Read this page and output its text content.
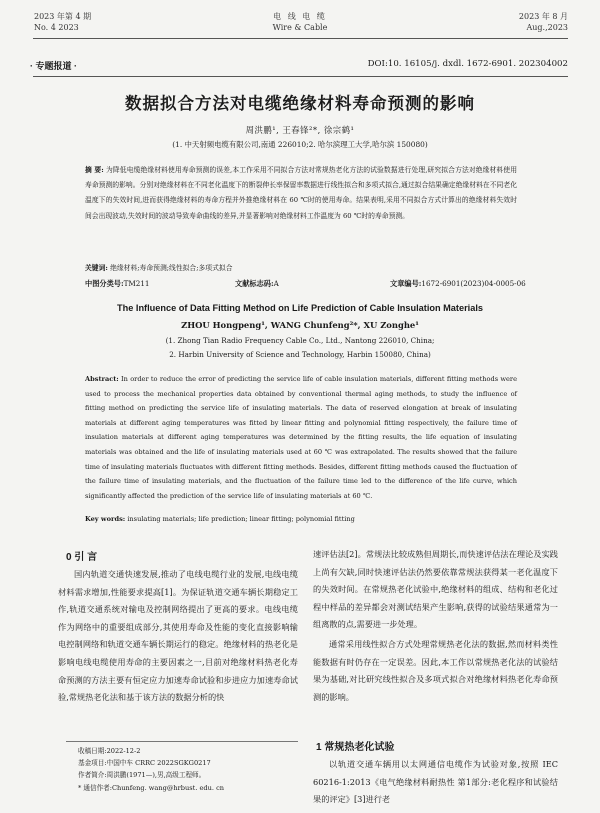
2023 年第 4 期
No. 4 2023
电 线 电 缆
Wire & Cable
2023 年 8 月
Aug.,2023
· 专题报道 ·	DOI:10. 16105/j. dxdl. 1672-6901. 202304002
数据拟合方法对电缆绝缘材料寿命预测的影响
周洪鹏¹, 王春锋²*, 徐宗鹤¹
(1. 中天射频电缆有限公司,南通 226010;2. 哈尔滨理工大学,哈尔滨 150080)
摘 要: 为降低电缆绝缘材料使用寿命预测的误差,本工作采用不同拟合方法对常规热老化方法的试验数据进行处理,研究拟合方法对绝缘材料使用寿命预测的影响。分别对绝缘材料在不同老化温度下的断裂伸长率保留率数据进行线性拟合和多项式拟合,通过拟合结果确定绝缘材料在不同老化温度下的失效时间,进而获得绝缘材料的寿命方程并外推绝缘材料在 60 ℃时的使用寿命。结果表明,采用不同拟合方式计算出的绝缘材料失效时间会出现波动,失效时间的波动导致寿命曲线的差异,并显著影响对绝缘材料工作温度为 60 ℃时的寿命预测。
关键词: 绝缘材料;寿命预测;线性拟合;多项式拟合
中图分类号:TM211	文献标志码:A	文章编号:1672-6901(2023)04-0005-06
The Influence of Data Fitting Method on Life Prediction of Cable Insulation Materials
ZHOU Hongpeng¹, WANG Chunfeng²*, XU Zonghe¹
(1. Zhong Tian Radio Frequency Cable Co., Ltd., Nantong 226010, China;
2. Harbin University of Science and Technology, Harbin 150080, China)
Abstract: In order to reduce the error of predicting the service life of cable insulation materials, different fitting methods were used to process the mechanical properties data obtained by conventional thermal aging methods, to study the influence of fitting method on predicting the service life of insulating materials. The data of reserved elongation at break of insulating materials at different aging temperatures was fitted by linear fitting and polynomial fitting respectively, the failure time of insulation materials at different aging temperatures was determined by the fitting results, the life equation of insulating materials was obtained and the life of insulating materials used at 60 ℃ was extrapolated. The results showed that the failure time of insulating materials fluctuates with different fitting methods. Besides, different fitting methods caused the fluctuation of the failure time of insulating materials, and the fluctuation of the failure time led to the difference of the life curve, which significantly affected the prediction of the service life of insulating materials at 60 ℃.
Key words: insulating materials; life prediction; linear fitting; polynomial fitting
0 引 言
国内轨道交通快速发展,推动了电线电缆行业的发展,电线电缆材料需求增加,性能要求提高[1]。为保证轨道交通车辆长期稳定工作,轨道交通系统对输电及控制网络提出了更高的要求。电线电缆作为网络中的重要组成部分,其使用寿命及性能的变化直接影响输电控制网络和轨道交通车辆长期运行的稳定。绝缘材料的热老化是影响电线电缆使用寿命的主要因素之一,目前对绝缘材料热老化寿命预测的方法主要有恒定应力加速寿命试验和步进应力加速寿命试验,常规热老化法和基于该方法的数据分析的快
收稿日期:2022-12-2
基金项目:中国中车 CRRC 2022SGKG0217
作者简介:周洪鹏(1971—),男,高级工程师。
* 通信作者:Chunfeng. wang@hrbust. edu. cn
速评估法[2]。常规法比较成熟但周期长,而快速评估法在理论及实践上尚有欠缺,同时快速评估法仍然要依靠常规法获得某一老化温度下的失效时间。在常规热老化试验中,绝缘材料的组成、结构和老化过程中样品的差异都会对测试结果产生影响,获得的试验结果通常为一组离散的点,需要进一步处理。
通常采用线性拟合方式处理常规热老化法的数据,然而材料类性能数据有时仍存在一定误差。因此,本工作以常规热老化法的试验结果为基础,对比研究线性拟合及多项式拟合对绝缘材料热老化寿命预测的影响。
1 常规热老化试验
以轨道交通车辆用以太网通信电缆作为试验对象,按照 IEC 60216-1:2013《电气绝缘材料耐热性 第1部分:老化程序和试验结果的评定》[3]进行老
